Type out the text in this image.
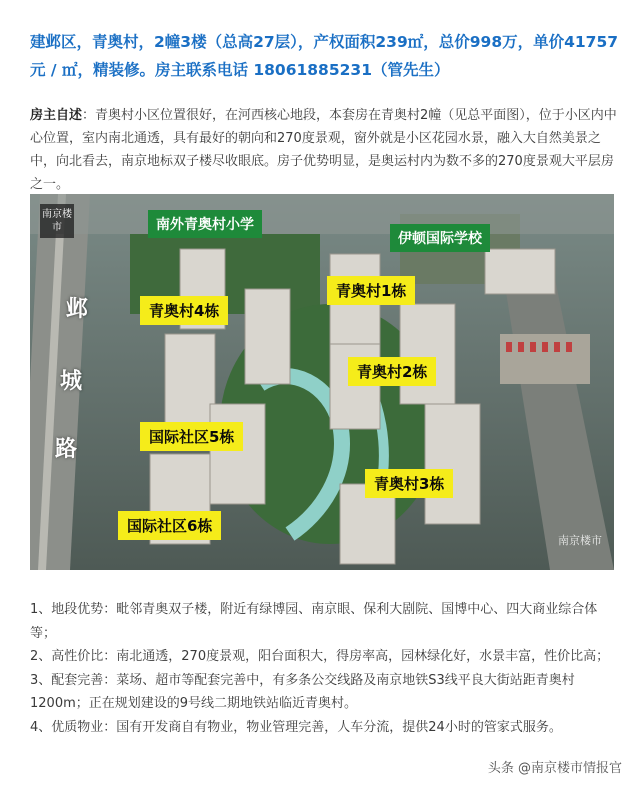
建邺区，青奥村，2幢3楼（总高27层），产权面积239㎡，总价998万，单价41757元 / ㎡，精装修。房主联系电话 18061885231（管先生）
房主自述：青奥村小区位置很好，在河西核心地段，本套房在青奥村2幢（见总平面图），位于小区内中心位置，室内南北通透，具有最好的朝向和270度景观，窗外就是小区花园水景，融入大自然美景之中，向北看去，南京地标双子楼尽收眼底。房子优势明显，是奥运村内为数不多的270度景观大平层房之一。
南京楼市
邺
城
路
南外青奥村小学
伊顿国际学校
青奥村1栋
青奥村4栋
青奥村2栋
国际社区5栋
青奥村3栋
国际社区6栋
南京楼市

1、地段优势：毗邻青奥双子楼，附近有绿博园、南京眼、保利大剧院、国博中心、四大商业综合体等；

2、高性价比：南北通透，270度景观，阳台面积大，得房率高，园林绿化好，水景丰富，性价比高；

3、配套完善：菜场、超市等配套完善中，有多条公交线路及南京地铁S3线平良大街站距青奥村1200m；正在规划建设的9号线二期地铁站临近青奥村。

4、优质物业：国有开发商自有物业，物业管理完善，人车分流，提供24小时的管家式服务。

头条 @南京楼市情报官
